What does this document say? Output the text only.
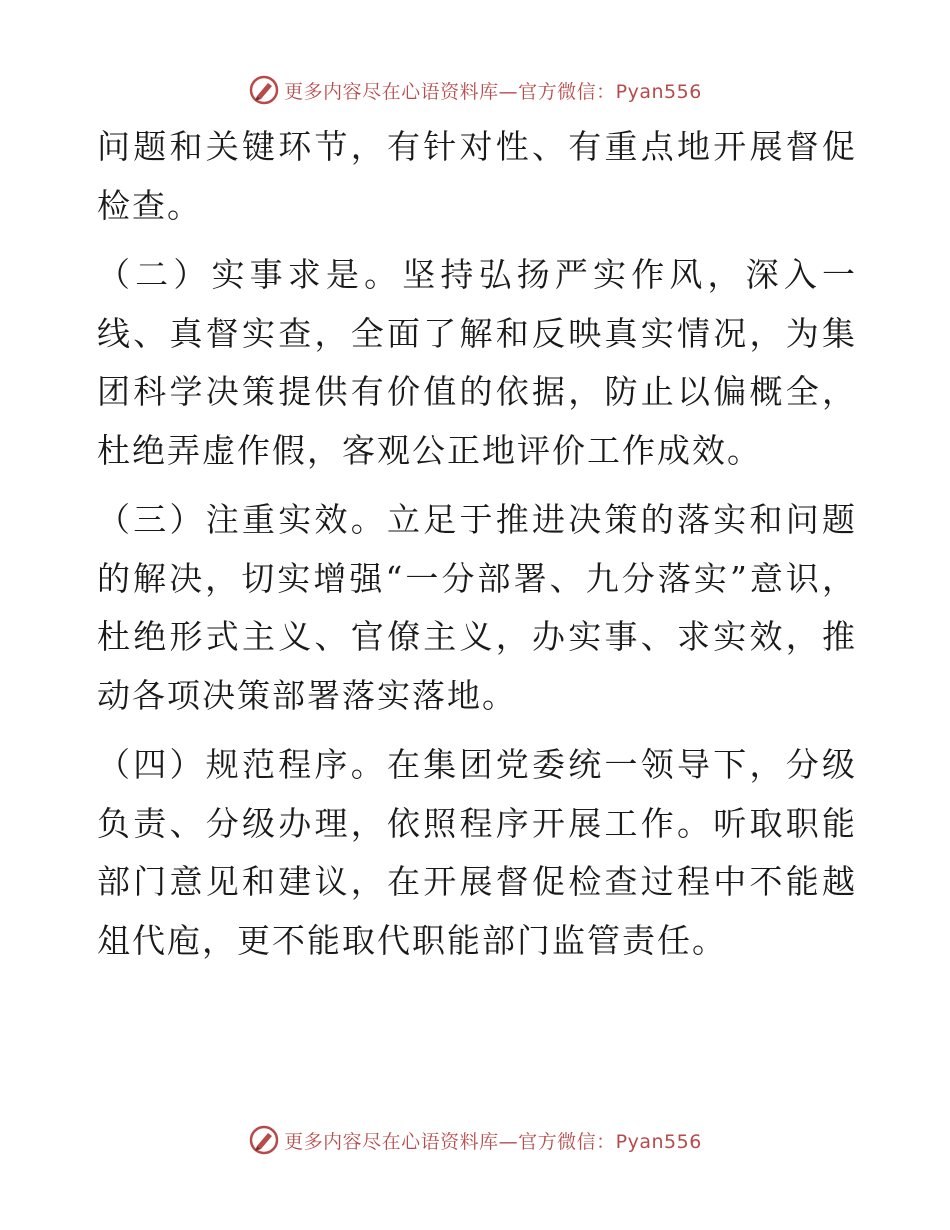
更多内容尽在心语资料库—官方微信：Pyan556

问题和关键环节，有针对性、有重点地开展督促检查。

（二）实事求是。坚持弘扬严实作风，深入一线、真督实查，全面了解和反映真实情况，为集团科学决策提供有价值的依据，防止以偏概全，杜绝弄虚作假，客观公正地评价工作成效。

（三）注重实效。立足于推进决策的落实和问题的解决，切实增强“一分部署、九分落实”意识，杜绝形式主义、官僚主义，办实事、求实效，推动各项决策部署落实落地。

（四）规范程序。在集团党委统一领导下，分级负责、分级办理，依照程序开展工作。听取职能部门意见和建议，在开展督促检查过程中不能越俎代庖，更不能取代职能部门监管责任。

更多内容尽在心语资料库—官方微信：Pyan556
